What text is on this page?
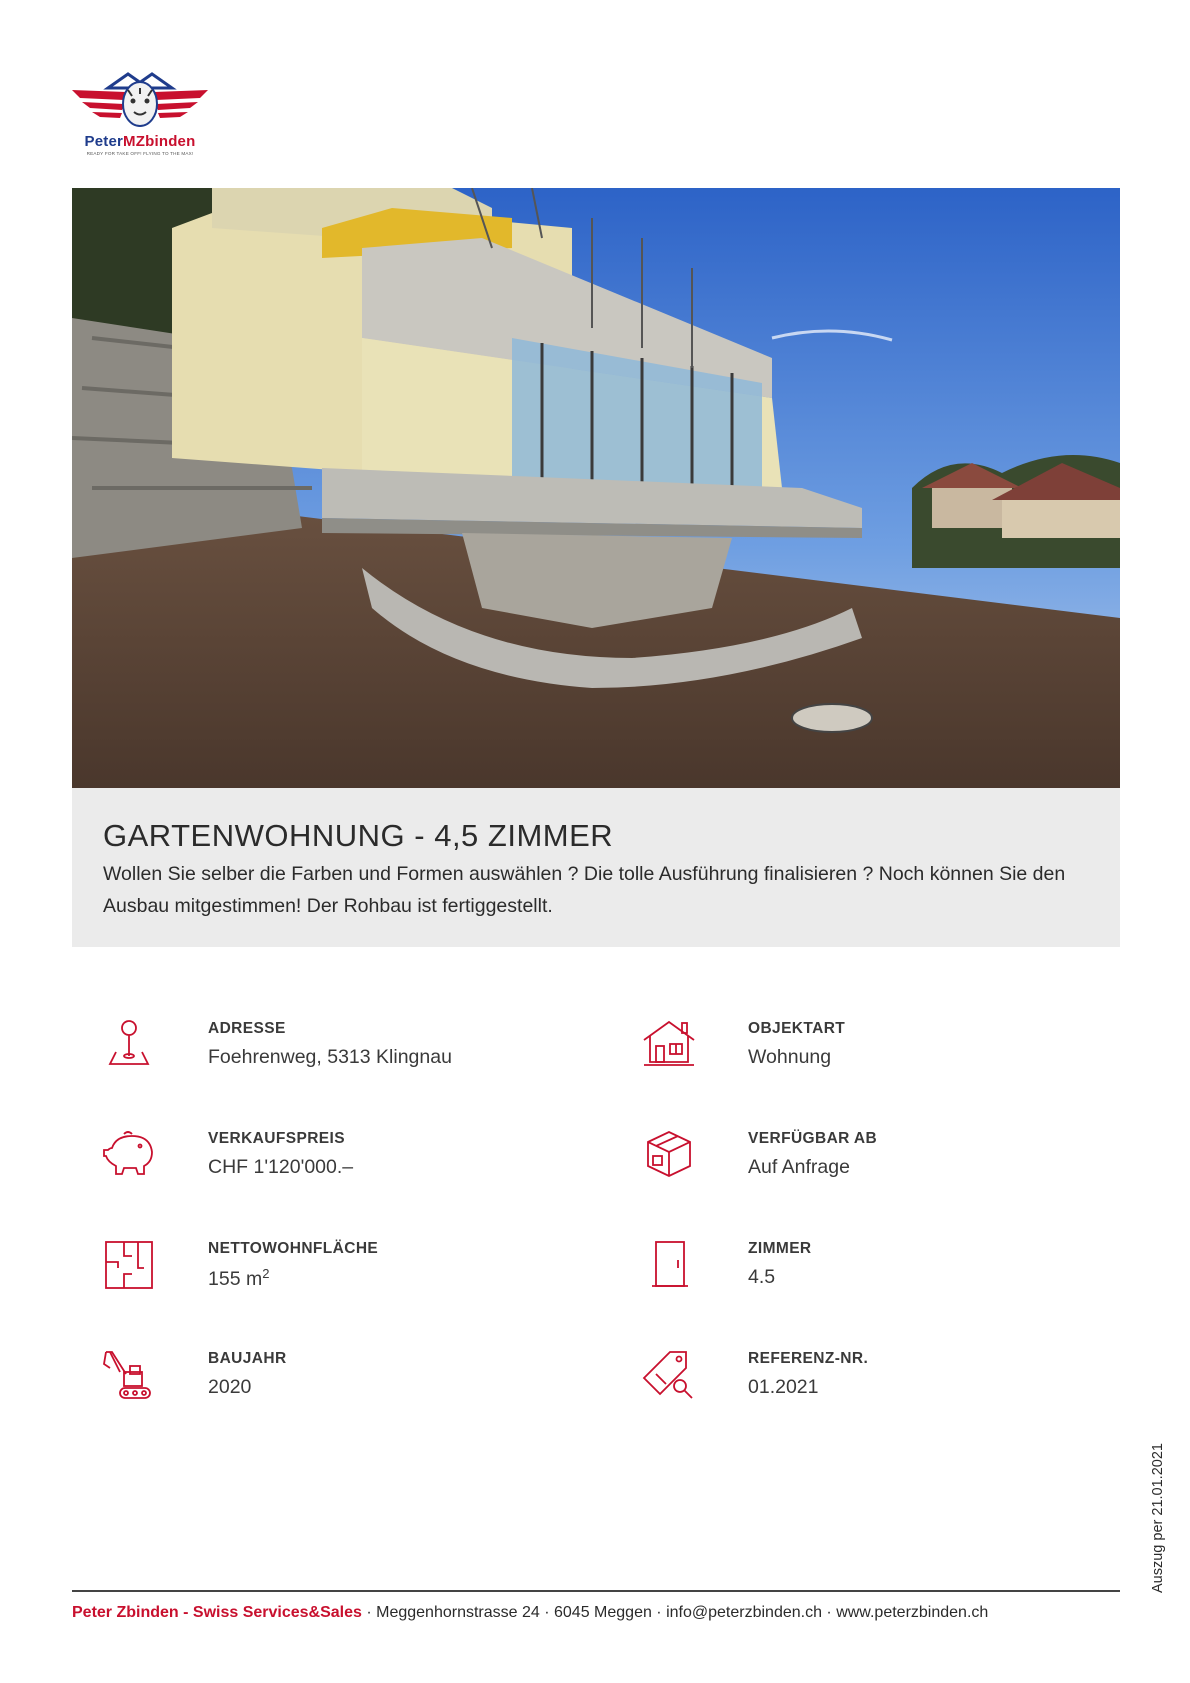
PeterMZbinden
READY FOR TAKE OFF! FLYING TO THE MAX!
GARTENWOHNUNG - 4,5 ZIMMER

Wollen Sie selber die Farben und Formen auswählen ? Die tolle Ausführung finalisieren ? Noch können Sie den Ausbau mitgestimmen! Der Rohbau ist fertiggestellt.

ADRESSE
Foehrenweg, 5313 Klingnau
OBJEKTART
Wohnung
VERKAUFSPREIS
CHF 1'120'000.–
VERFÜGBAR AB
Auf Anfrage
NETTOWOHNFLÄCHE
155 $m^2$
ZIMMER
4.5
BAUJAHR
2020
REFERENZ-NR.
01.2021
Auszug per 21.01.2021
Peter Zbinden - Swiss Services&Sales · Meggenhornstrasse 24 · 6045 Meggen · info@peterzbinden.ch · www.peterzbinden.ch
